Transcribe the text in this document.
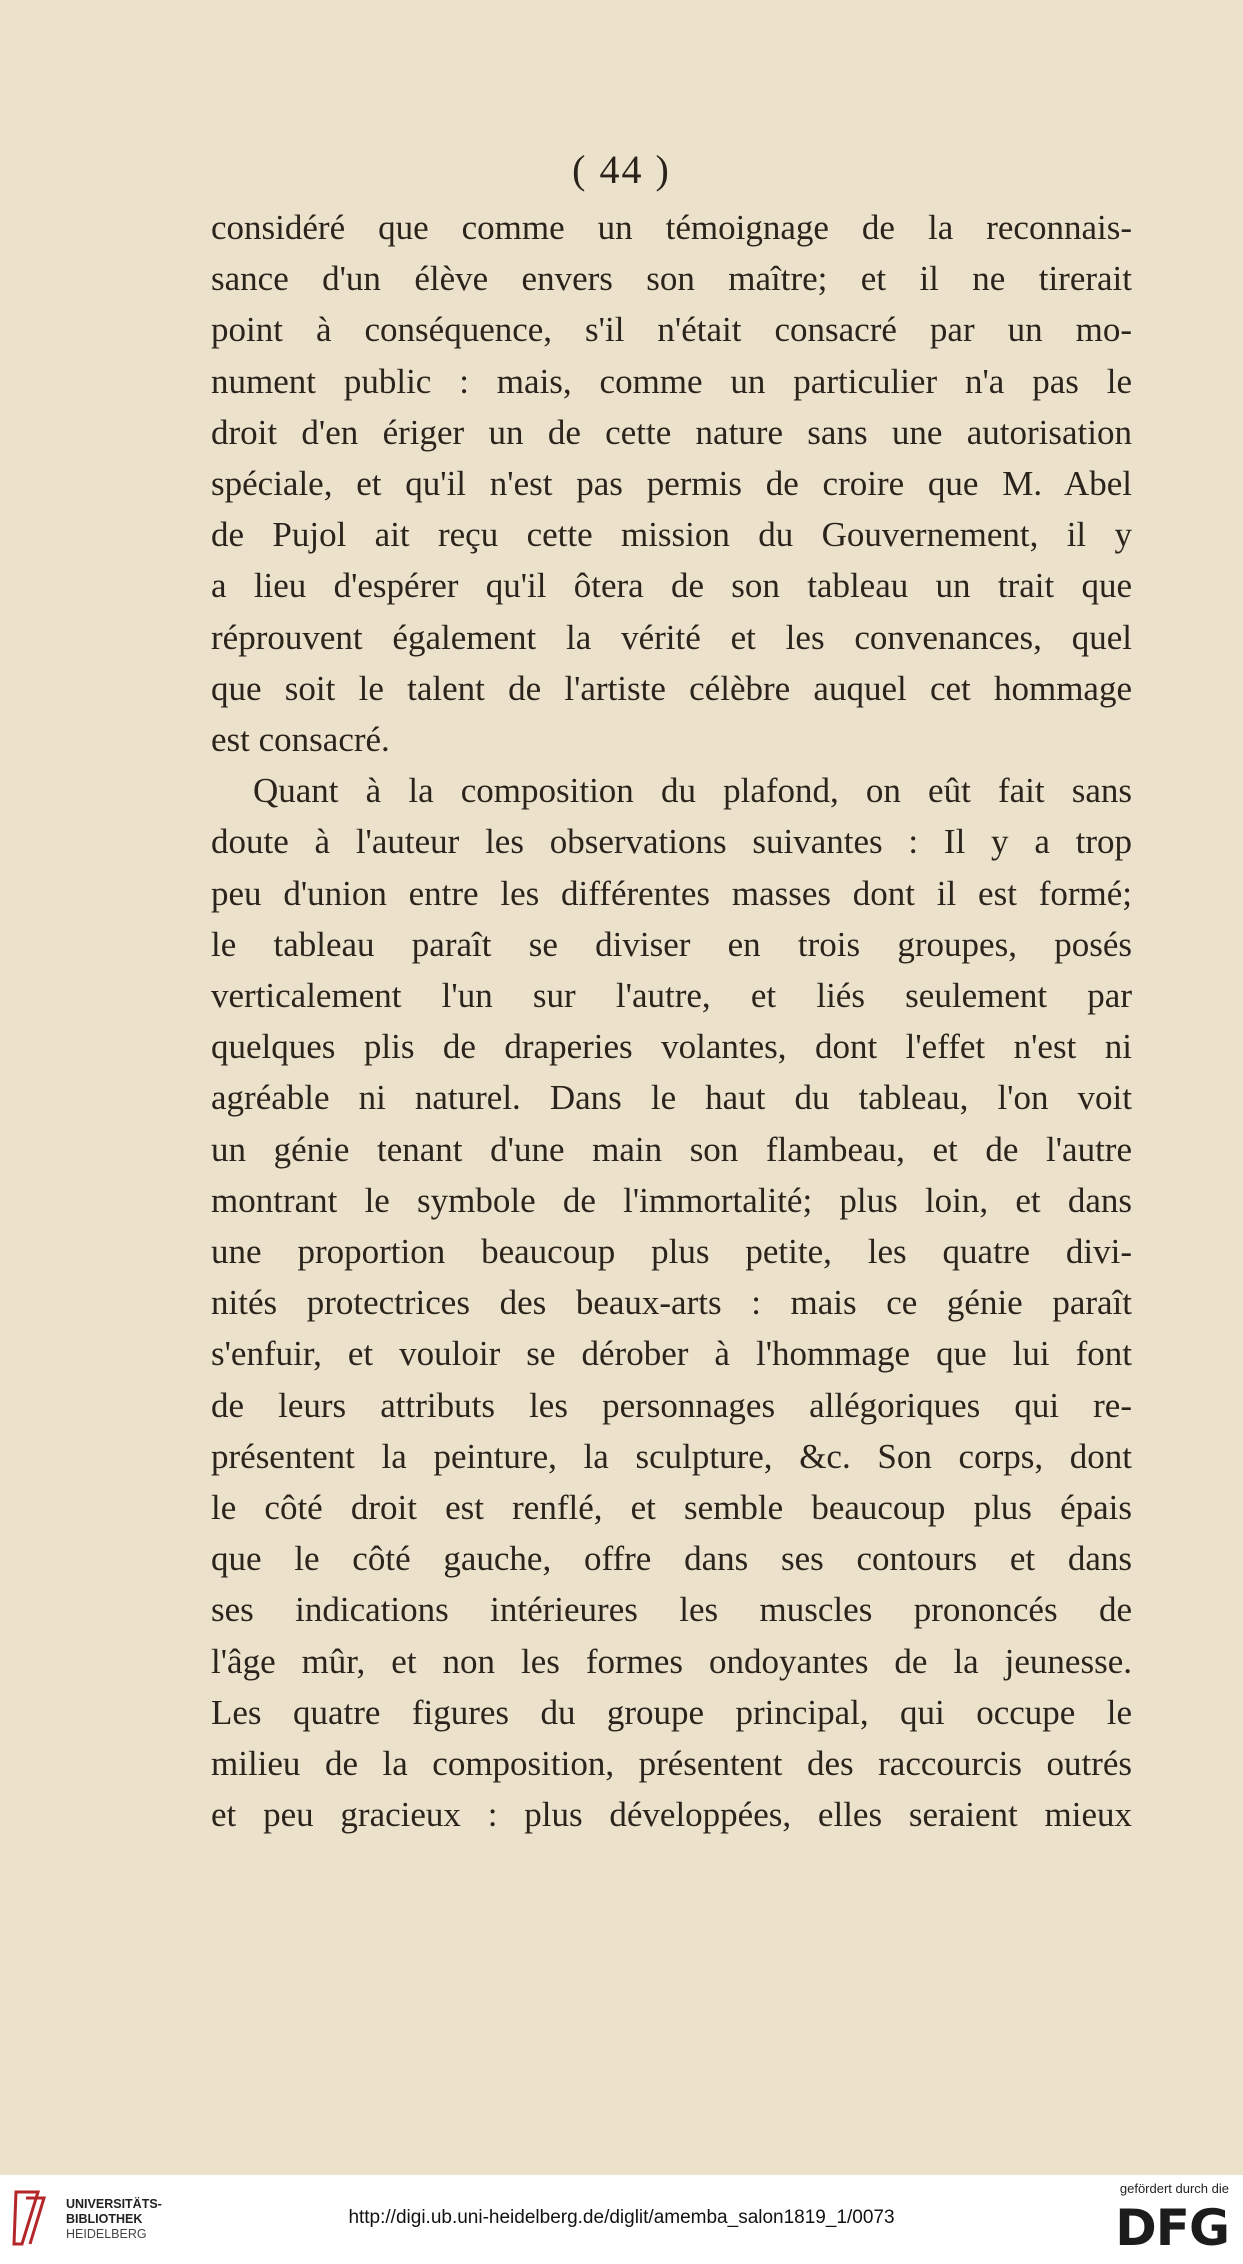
( 44 )
considéré que comme un témoignage de la reconnais-
sance d'un élève envers son maître; et il ne tirerait
point à conséquence, s'il n'était consacré par un mo-
nument public : mais, comme un particulier n'a pas le
droit d'en ériger un de cette nature sans une autorisation
spéciale, et qu'il n'est pas permis de croire que M. Abel
de Pujol ait reçu cette mission du Gouvernement, il y
a lieu d'espérer qu'il ôtera de son tableau un trait que
réprouvent également la vérité et les convenances, quel
que soit le talent de l'artiste célèbre auquel cet hommage
est consacré.
Quant à la composition du plafond, on eût fait sans
doute à l'auteur les observations suivantes : Il y a trop
peu d'union entre les différentes masses dont il est formé;
le tableau paraît se diviser en trois groupes, posés
verticalement l'un sur l'autre, et liés seulement par
quelques plis de draperies volantes, dont l'effet n'est ni
agréable ni naturel. Dans le haut du tableau, l'on voit
un génie tenant d'une main son flambeau, et de l'autre
montrant le symbole de l'immortalité; plus loin, et dans
une proportion beaucoup plus petite, les quatre divi-
nités protectrices des beaux-arts : mais ce génie paraît
s'enfuir, et vouloir se dérober à l'hommage que lui font
de leurs attributs les personnages allégoriques qui re-
présentent la peinture, la sculpture, &c. Son corps, dont
le côté droit est renflé, et semble beaucoup plus épais
que le côté gauche, offre dans ses contours et dans
ses indications intérieures les muscles prononcés de
l'âge mûr, et non les formes ondoyantes de la jeunesse.
Les quatre figures du groupe principal, qui occupe le
milieu de la composition, présentent des raccourcis outrés
et peu gracieux : plus développées, elles seraient mieux
UNIVERSITÄTS-
BIBLIOTHEK
HEIDELBERG
http://digi.ub.uni-heidelberg.de/diglit/amemba_salon1819_1/0073
gefördert durch die
DFG
